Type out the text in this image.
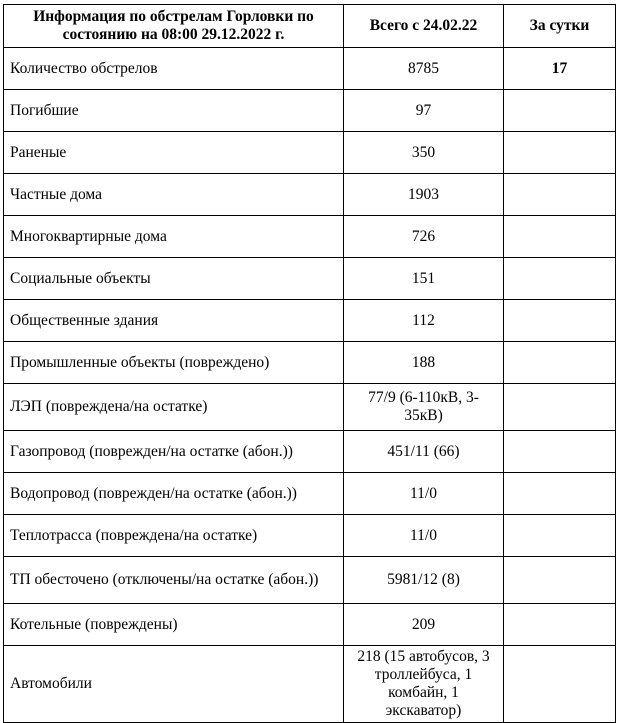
Информация по обстрелам Горловки по состоянию на 08:00 29.12.2022 г.	Всего с 24.02.22	За сутки
Количество обстрелов	8785	17
Погибшие	97	
Раненые	350	
Частные дома	1903	
Многоквартирные дома	726	
Социальные объекты	151	
Общественные здания	112	
Промышленные объекты (повреждено)	188	
ЛЭП (повреждена/на остатке)	77/9 (6-110кВ, 3-35кВ)	
Газопровод (поврежден/на остатке (абон.))	451/11 (66)	
Водопровод (поврежден/на остатке (абон.))	11/0	
Теплотрасса (повреждена/на остатке)	11/0	
ТП обесточено (отключены/на остатке (абон.))	5981/12 (8)	
Котельные (повреждены)	209	
Автомобили	218 (15 автобусов, 3 троллейбуса, 1 комбайн, 1 экскаватор)	
